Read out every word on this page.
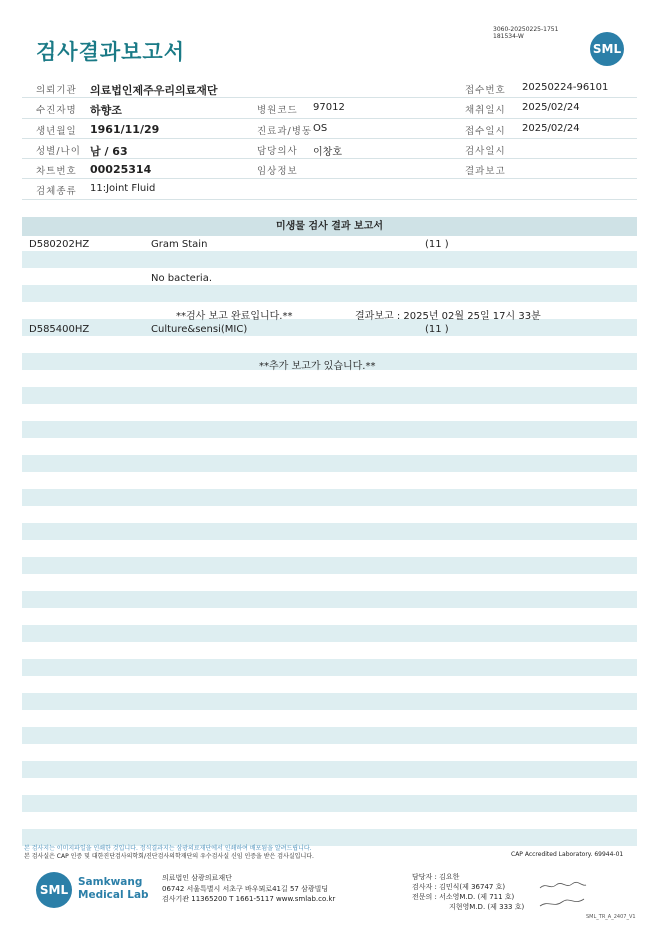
3060-20250225-1751
181534-W
검사결과보고서	SML
의뢰기관 의료법인제주우리의료재단	접수번호 20250224-96101
수진자명 하향조	병원코드 97012	채취일시 2025/02/24
생년월일 1961/11/29	진료과/병동 OS	접수일시 2025/02/24
성별/나이 남 / 63	담당의사 이창호	검사일시
차트번호 00025314	임상정보	결과보고
검체종류 11:Joint Fluid
미생물 검사 결과 보고서
D580202HZ	Gram Stain	(11 )
No bacteria.
**검사 보고 완료입니다.**	결과보고 : 2025년 02월 25일 17시 33분
D585400HZ	Culture&sensi(MIC)	(11 )
**추가 보고가 있습니다.**
본 검사지는 이미지파일을 인쇄한 것입니다. 정식결과지는 삼광의료재단에서 인쇄하여 배포됨을 알려드립니다.
본 검사실은 CAP 인증 및 대한진단검사의학회/진단검사의학재단의 우수검사실 신임 인증을 받은 검사실입니다.	CAP Accredited Laboratory. 69944-01
SML
Samkwang
Medical Lab
의료법인 삼광의료재단
06742 서울특별시 서초구 바우뫼로41길 57 삼광빌딩
검사기관 11365200 T 1661-5117 www.smlab.co.kr
담당자 : 김요한
검사자 : 김민식(제 36747 호)
전문의 : 서소영M.D. (제 711 호)
지현영M.D. (제 333 호)
SML_TR_A_2407_V1
